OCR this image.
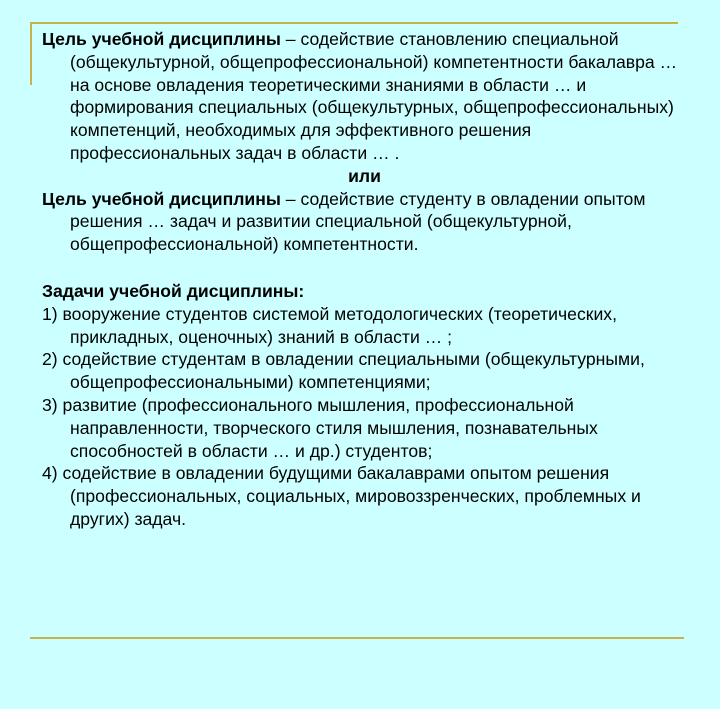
Цель учебной дисциплины – содействие становлению специальной (общекультурной, общепрофессиональной) компетентности бакалавра … на основе овладения теоретическими знаниями в области … и формирования специальных (общекультурных, общепрофессиональных) компетенций, необходимых для эффективного решения профессиональных задач в области … .

или

Цель учебной дисциплины – содействие студенту в овладении опытом решения … задач и развитии специальной (общекультурной, общепрофессиональной) компетентности.

Задачи учебной дисциплины:

1) вооружение студентов системой методологических (теоретических, прикладных, оценочных) знаний в области … ;

2) содействие студентам в овладении специальными (общекультурными, общепрофессиональными) компетенциями;

3) развитие (профессионального мышления, профессиональной направленности, творческого стиля мышления, познавательных способностей в области … и др.) студентов;

4) содействие в овладении будущими бакалаврами опытом решения (профессиональных, социальных, мировоззренческих, проблемных и других) задач.
